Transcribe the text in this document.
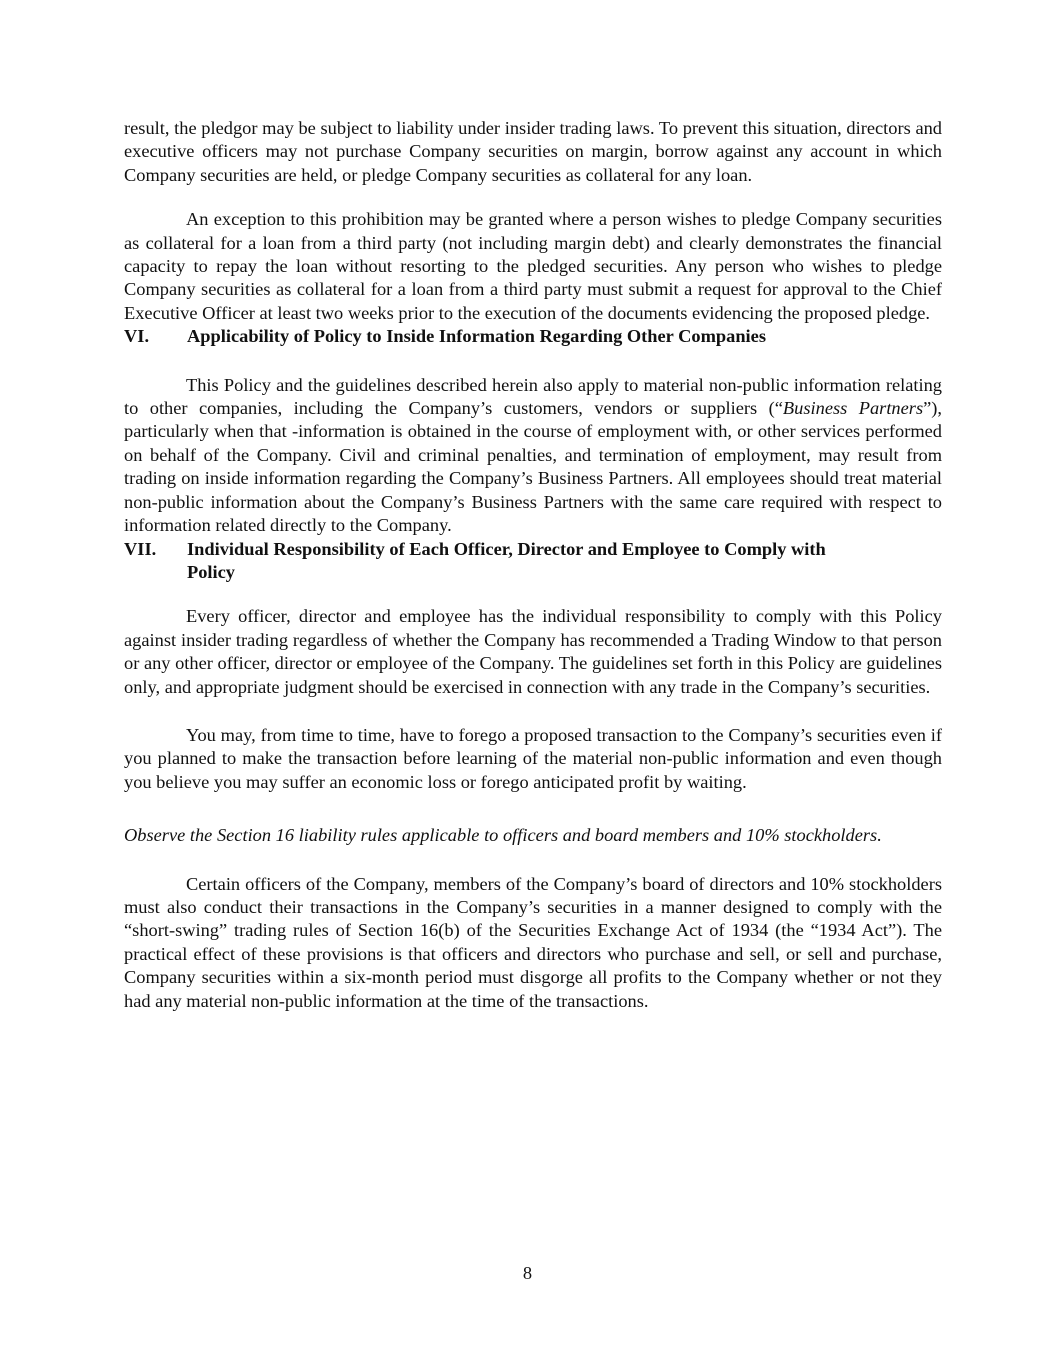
result, the pledgor may be subject to liability under insider trading laws. To prevent this situation, directors and executive officers may not purchase Company securities on margin, borrow against any account in which Company securities are held, or pledge Company securities as collateral for any loan.

An exception to this prohibition may be granted where a person wishes to pledge Company securities as collateral for a loan from a third party (not including margin debt) and clearly demonstrates the financial capacity to repay the loan without resorting to the pledged securities. Any person who wishes to pledge Company securities as collateral for a loan from a third party must submit a request for approval to the Chief Executive Officer at least two weeks prior to the execution of the documents evidencing the proposed pledge.

VI.	Applicability of Policy to Inside Information Regarding Other Companies

This Policy and the guidelines described herein also apply to material non-public information relating to other companies, including the Company’s customers, vendors or suppliers (“Business Partners”), particularly when that -information is obtained in the course of employment with, or other services performed on behalf of the Company. Civil and criminal penalties, and termination of employment, may result from trading on inside information regarding the Company’s Business Partners. All employees should treat material non-public information about the Company’s Business Partners with the same care required with respect to information related directly to the Company.

VII.	Individual Responsibility of Each Officer, Director and Employee to Comply with Policy

Every officer, director and employee has the individual responsibility to comply with this Policy against insider trading regardless of whether the Company has recommended a Trading Window to that person or any other officer, director or employee of the Company. The guidelines set forth in this Policy are guidelines only, and appropriate judgment should be exercised in connection with any trade in the Company’s securities.

You may, from time to time, have to forego a proposed transaction to the Company’s securities even if you planned to make the transaction before learning of the material non-public information and even though you believe you may suffer an economic loss or forego anticipated profit by waiting.

Observe the Section 16 liability rules applicable to officers and board members and 10% stockholders.

Certain officers of the Company, members of the Company’s board of directors and 10% stockholders must also conduct their transactions in the Company’s securities in a manner designed to comply with the “short-swing” trading rules of Section 16(b) of the Securities Exchange Act of 1934 (the “1934 Act”). The practical effect of these provisions is that officers and directors who purchase and sell, or sell and purchase, Company securities within a six-month period must disgorge all profits to the Company whether or not they had any material non-public information at the time of the transactions.

8
